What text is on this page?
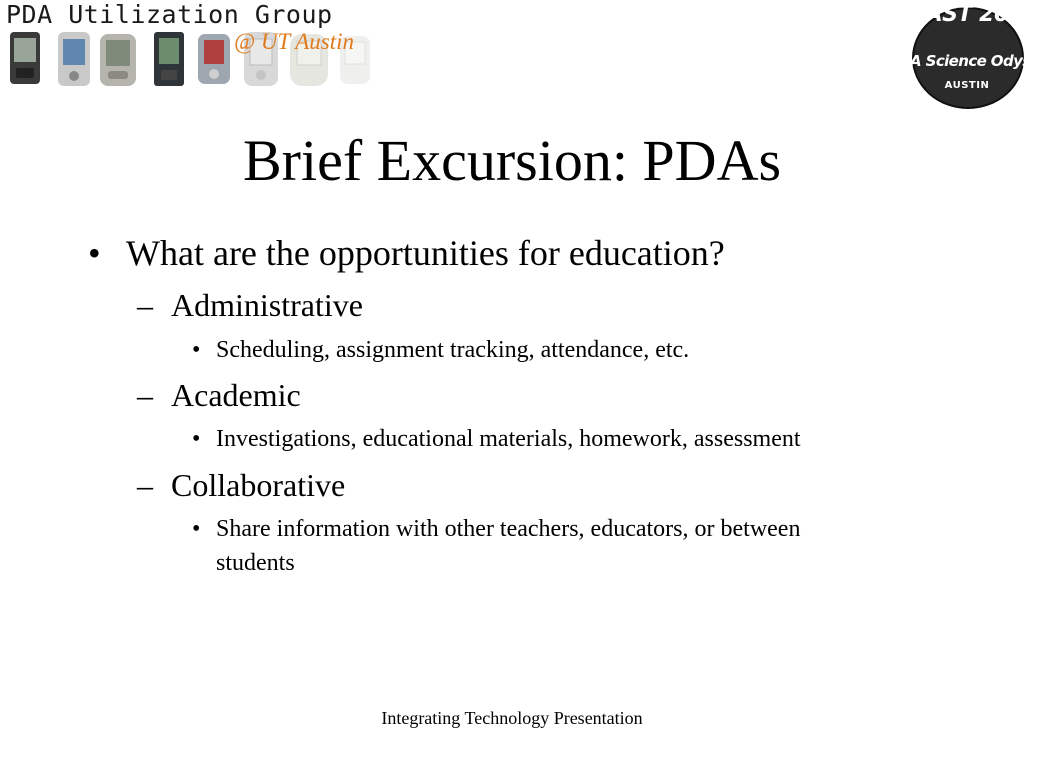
PDA Utilization Group
@ UT Austin
CAST 2001
A Science Odyssey
AUSTIN
Brief Excursion: PDAs
• What are the opportunities for education?
– Administrative
• Scheduling, assignment tracking, attendance, etc.
– Academic
• Investigations, educational materials, homework, assessment
– Collaborative
• Share information with other teachers, educators, or between
students
Integrating Technology Presentation
